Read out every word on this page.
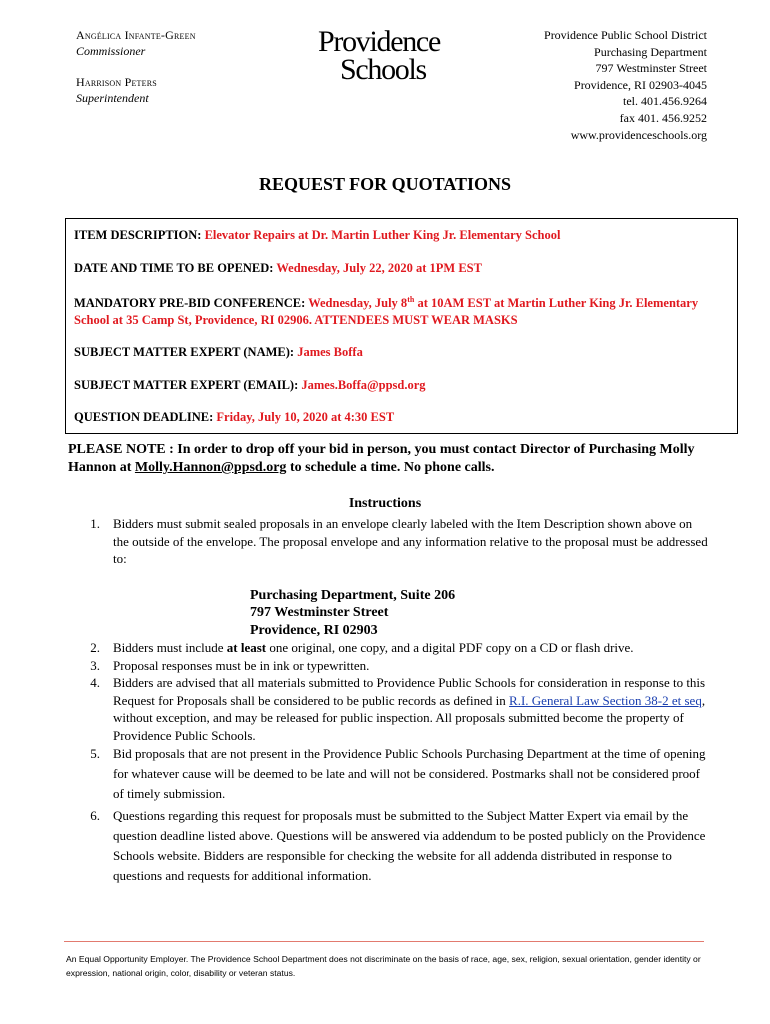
Angélica Infante-Green
Commissioner
Harrison Peters
Superintendent
Providence
Schools
Providence Public School District
Purchasing Department
797 Westminster Street
Providence, RI 02903-4045
tel. 401.456.9264
fax 401. 456.9252
www.providenceschools.org
REQUEST FOR QUOTATIONS
ITEM DESCRIPTION: Elevator Repairs at Dr. Martin Luther King Jr. Elementary School
DATE AND TIME TO BE OPENED: Wednesday, July 22, 2020 at 1PM EST
MANDATORY PRE-BID CONFERENCE: Wednesday, July 8th at 10AM EST at Martin Luther King Jr. Elementary School at 35 Camp St, Providence, RI 02906. ATTENDEES MUST WEAR MASKS
SUBJECT MATTER EXPERT (NAME): James Boffa
SUBJECT MATTER EXPERT (EMAIL): James.Boffa@ppsd.org
QUESTION DEADLINE: Friday, July 10, 2020 at 4:30 EST
PLEASE NOTE : In order to drop off your bid in person, you must contact Director of Purchasing Molly Hannon at Molly.Hannon@ppsd.org to schedule a time. No phone calls.
Instructions
1. Bidders must submit sealed proposals in an envelope clearly labeled with the Item Description shown above on the outside of the envelope. The proposal envelope and any information relative to the proposal must be addressed to:
Purchasing Department, Suite 206
797 Westminster Street
Providence, RI 02903
2. Bidders must include at least one original, one copy, and a digital PDF copy on a CD or flash drive.
3. Proposal responses must be in ink or typewritten.
4. Bidders are advised that all materials submitted to Providence Public Schools for consideration in response to this Request for Proposals shall be considered to be public records as defined in R.I. General Law Section 38-2 et seq, without exception, and may be released for public inspection. All proposals submitted become the property of Providence Public Schools.
5. Bid proposals that are not present in the Providence Public Schools Purchasing Department at the time of opening for whatever cause will be deemed to be late and will not be considered. Postmarks shall not be considered proof of timely submission.
6. Questions regarding this request for proposals must be submitted to the Subject Matter Expert via email by the question deadline listed above. Questions will be answered via addendum to be posted publicly on the Providence Schools website. Bidders are responsible for checking the website for all addenda distributed in response to questions and requests for additional information.
An Equal Opportunity Employer. The Providence School Department does not discriminate on the basis of race, age, sex, religion, sexual orientation, gender identity or expression, national origin, color, disability or veteran status.
